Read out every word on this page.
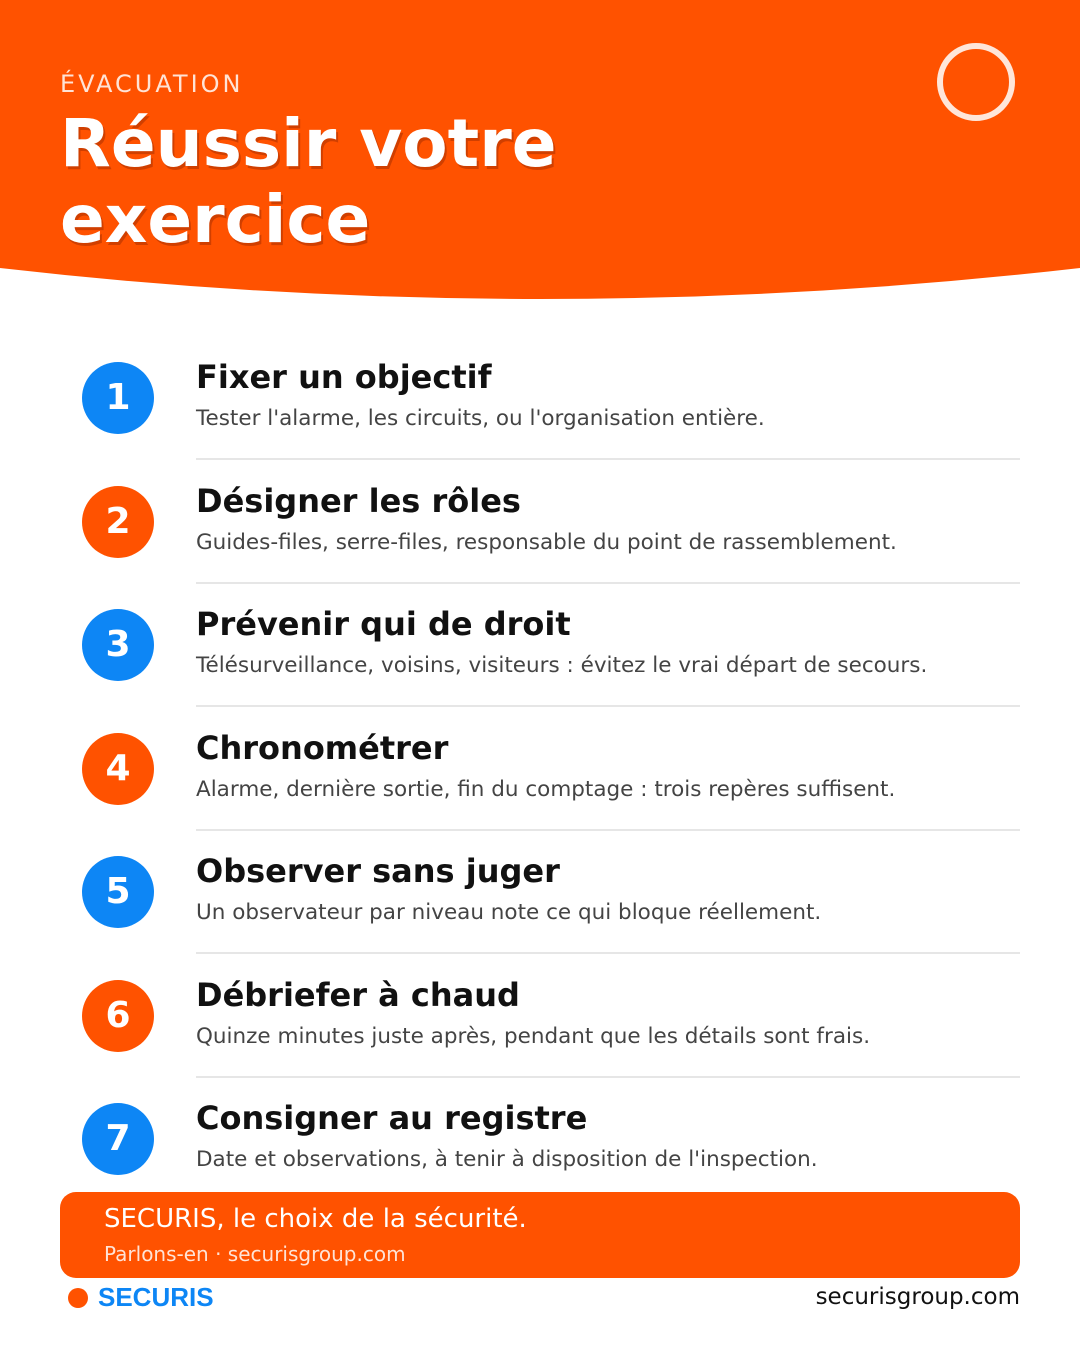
ÉVACUATION
Réussir votre
exercice
1	Fixer un objectif
Tester l'alarme, les circuits, ou l'organisation entière.
2	Désigner les rôles
Guides-files, serre-files, responsable du point de rassemblement.
3	Prévenir qui de droit
Télésurveillance, voisins, visiteurs : évitez le vrai départ de secours.
4	Chronométrer
Alarme, dernière sortie, fin du comptage : trois repères suffisent.
5	Observer sans juger
Un observateur par niveau note ce qui bloque réellement.
6	Débriefer à chaud
Quinze minutes juste après, pendant que les détails sont frais.
7	Consigner au registre
Date et observations, à tenir à disposition de l'inspection.
SECURIS, le choix de la sécurité.
Parlons-en · securisgroup.com
SECURIS	securisgroup.com
